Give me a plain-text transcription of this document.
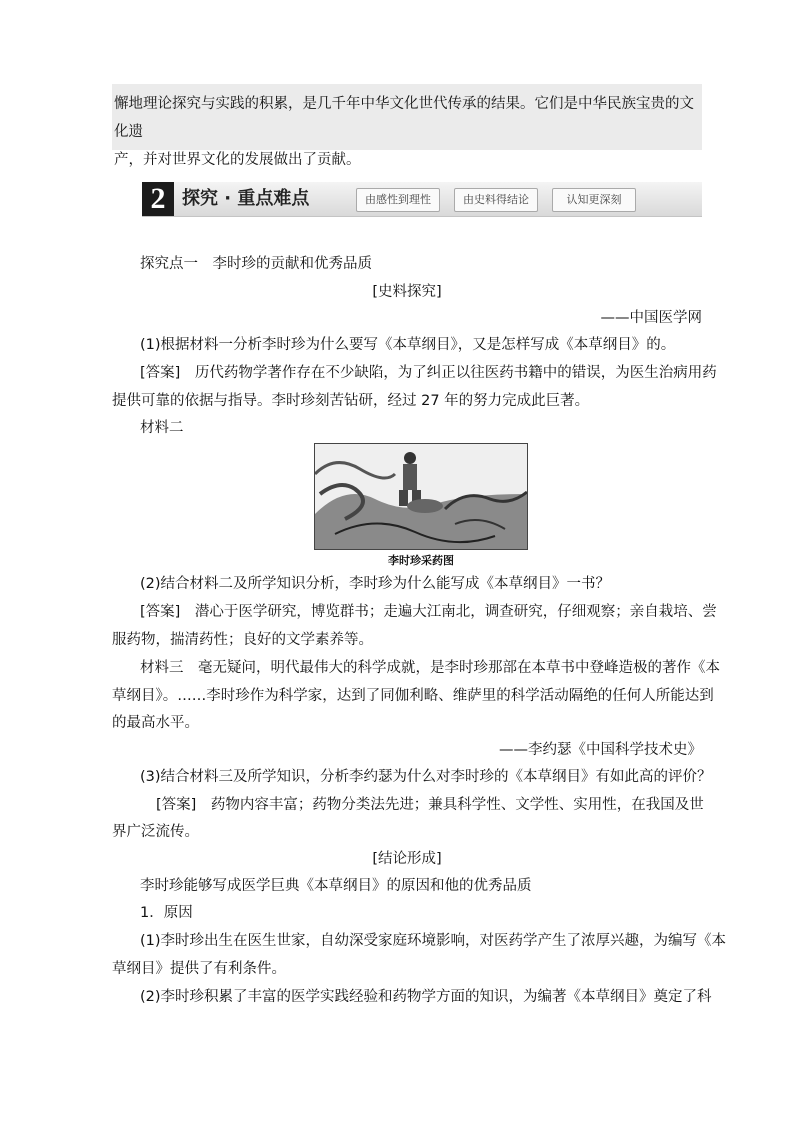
懈地理论探究与实践的积累，是几千年中华文化世代传承的结果。它们是中华民族宝贵的文化遗
产，并对世界文化的发展做出了贡献。
2 探究 · 重点难点	由感性到理性	由史料得结论	认知更深刻
探究点一　李时珍的贡献和优秀品质
[史料探究]
——中国医学网
(1)根据材料一分析李时珍为什么要写《本草纲目》，又是怎样写成《本草纲目》的。
[答案]　历代药物学著作存在不少缺陷，为了纠正以往医药书籍中的错误，为医生治病用药
提供可靠的依据与指导。李时珍刻苦钻研，经过 27 年的努力完成此巨著。
材料二
李时珍采药图
(2)结合材料二及所学知识分析，李时珍为什么能写成《本草纲目》一书？
[答案]　潜心于医学研究，博览群书；走遍大江南北，调查研究，仔细观察；亲自栽培、尝
服药物，揣清药性；良好的文学素养等。
材料三　毫无疑问，明代最伟大的科学成就，是李时珍那部在本草书中登峰造极的著作《本
草纲目》。……李时珍作为科学家，达到了同伽利略、维萨里的科学活动隔绝的任何人所能达到
的最高水平。
——李约瑟《中国科学技术史》
(3)结合材料三及所学知识，分析李约瑟为什么对李时珍的《本草纲目》有如此高的评价？
[答案]　药物内容丰富；药物分类法先进；兼具科学性、文学性、实用性，在我国及世
界广泛流传。
[结论形成]
李时珍能够写成医学巨典《本草纲目》的原因和他的优秀品质
1．原因
(1)李时珍出生在医生世家，自幼深受家庭环境影响，对医药学产生了浓厚兴趣，为编写《本
草纲目》提供了有利条件。
(2)李时珍积累了丰富的医学实践经验和药物学方面的知识，为编著《本草纲目》奠定了科
